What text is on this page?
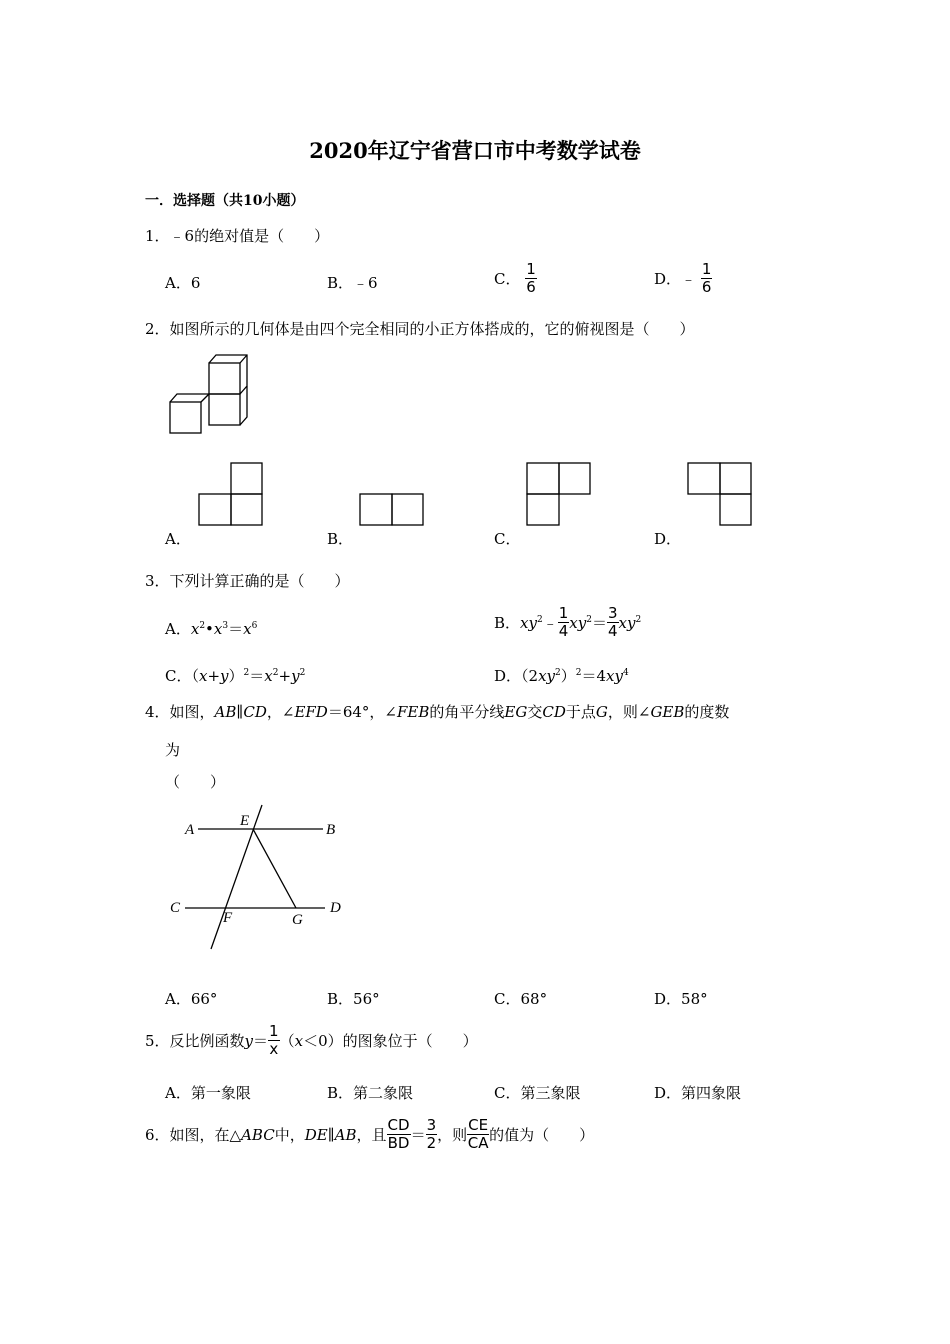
2020年辽宁省营口市中考数学试卷
一．选择题（共10小题）
1．﹣6的绝对值是（　　）
A．6	B．﹣6	C． $\frac{1}{6}$	D．﹣ $\frac{1}{6}$
2．如图所示的几何体是由四个完全相同的小正方体搭成的，它的俯视图是（　　）
A．	B．	C．	D．
3．下列计算正确的是（　　）
A．$x^2•x^3=x^6$	B．$xy^2﹣ \frac{1}{4} xy^2= \frac{3}{4} xy^2$
C．$(x+y)^2=x^2+y^2$	D．$(2xy^2)^2=4xy^4$
4．如图，AB∥CD，∠EFD＝64°，∠FEB的角平分线EG交CD于点G，则∠GEB的度数
为
（　　）
A
E
B
C
F	G
D
A．66°	B．56°	C．68°	D．58°
5．反比例函数$y= \frac{1}{x} (x<0)$的图象位于（　　）
A．第一象限	B．第二象限	C．第三象限	D．第四象限
6．如图，在△ABC中，DE∥AB，且 $\frac{CD}{BD} = \frac{3}{2}$ ，则 $\frac{CE}{CA}$ 的值为（　　）
